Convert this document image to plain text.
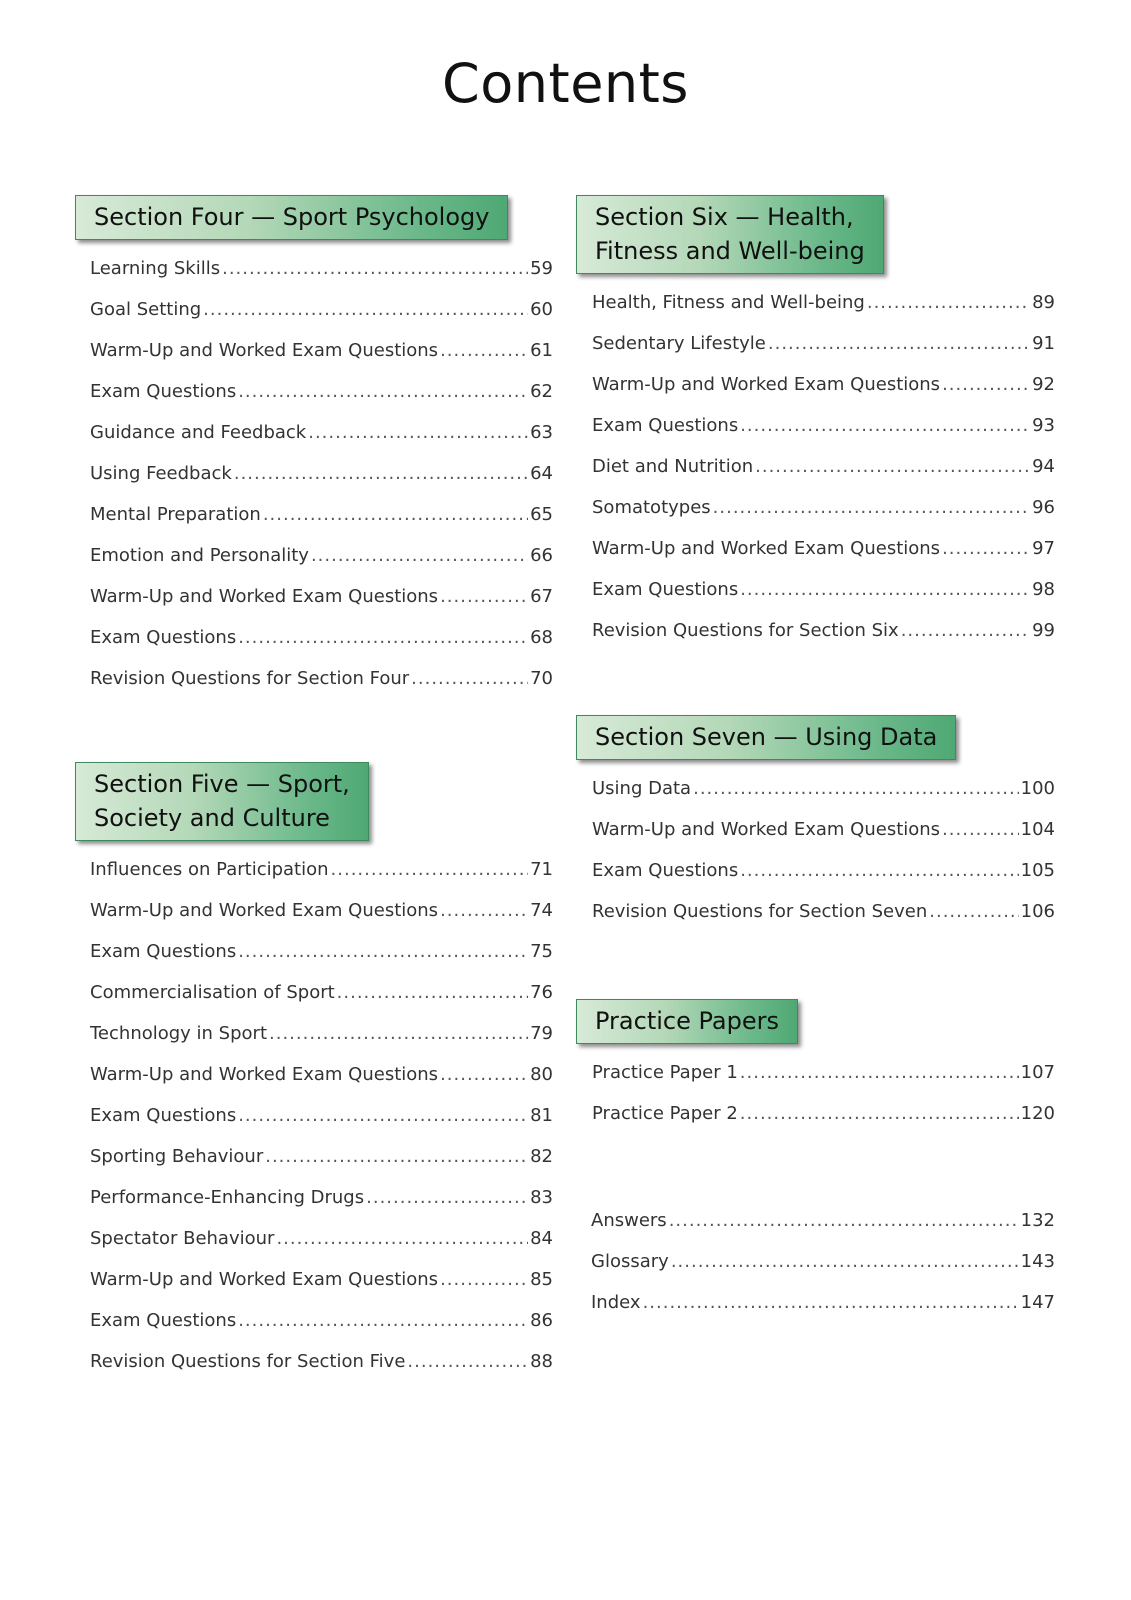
Contents
Section Four — Sport Psychology
Learning Skills .....	59
Goal Setting .....	60
Warm-Up and Worked Exam Questions .....	61
Exam Questions .....	62
Guidance and Feedback .....	63
Using Feedback .....	64
Mental Preparation .....	65
Emotion and Personality .....	66
Warm-Up and Worked Exam Questions .....	67
Exam Questions .....	68
Revision Questions for Section Four .....	70
Section Five — Sport,
Society and Culture
Influences on Participation .....	71
Warm-Up and Worked Exam Questions .....	74
Exam Questions .....	75
Commercialisation of Sport .....	76
Technology in Sport .....	79
Warm-Up and Worked Exam Questions .....	80
Exam Questions .....	81
Sporting Behaviour .....	82
Performance-Enhancing Drugs .....	83
Spectator Behaviour .....	84
Warm-Up and Worked Exam Questions .....	85
Exam Questions .....	86
Revision Questions for Section Five .....	88
Section Six — Health,
Fitness and Well-being
Health, Fitness and Well-being .....	89
Sedentary Lifestyle .....	91
Warm-Up and Worked Exam Questions .....	92
Exam Questions .....	93
Diet and Nutrition .....	94
Somatotypes .....	96
Warm-Up and Worked Exam Questions .....	97
Exam Questions .....	98
Revision Questions for Section Six .....	99
Section Seven — Using Data
Using Data .....	100
Warm-Up and Worked Exam Questions .....	104
Exam Questions .....	105
Revision Questions for Section Seven .....	106
Practice Papers
Practice Paper 1 .....	107
Practice Paper 2 .....	120
Answers .....	132
Glossary .....	143
Index .....	147
